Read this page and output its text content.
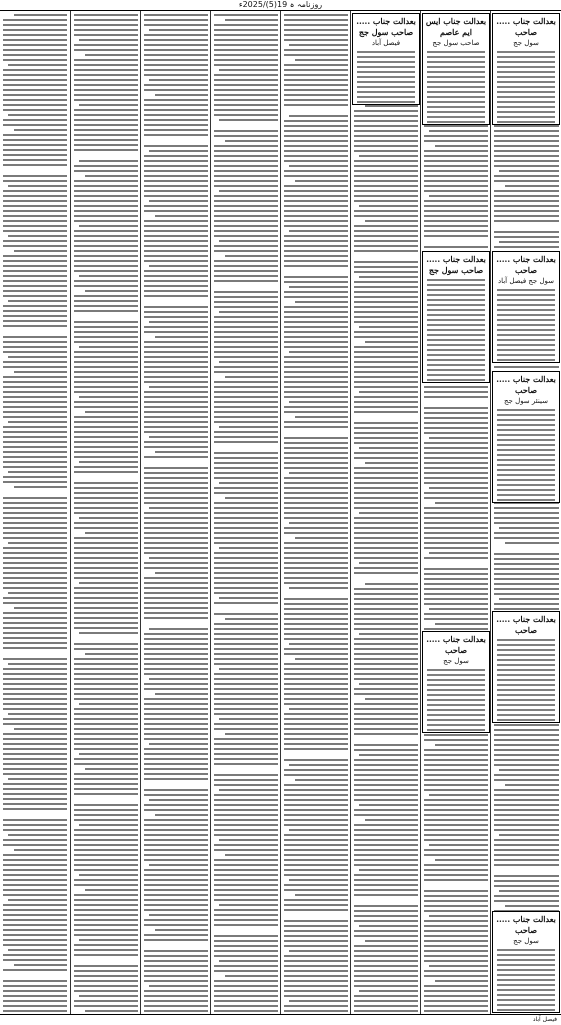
روزنامہ ‏‏ہ ‏19(5)/2025ء
بعدالت جناب ایس ایم عاصم
صاحب سول جج
بعدالت جناب ..... صاحب سول جج
فیصل آباد
بعدالت جناب ..... صاحب
سول جج
بعدالت جناب ..... صاحب سول جج
بعدالت جناب ..... صاحب
سول جج فیصل آباد
بعدالت جناب ..... صاحب
سینئر سول جج
بعدالت جناب ..... صاحب
سول جج
بعدالت جناب ..... صاحب
بعدالت جناب ..... صاحب
سول جج
فیصل آباد
